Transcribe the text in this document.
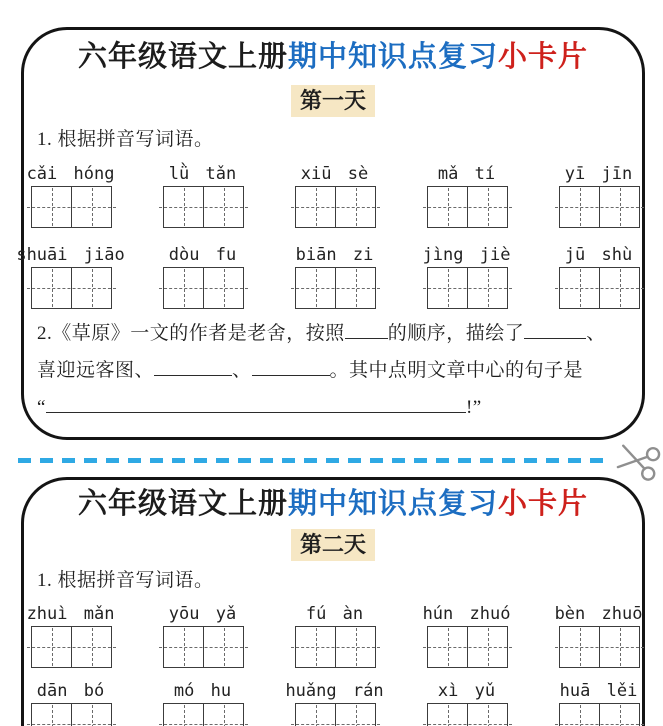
六年级语文上册期中知识点复习小卡片
第一天
1. 根据拼音写词语。
cǎi hóng	lǜ tǎn	xiū sè	mǎ tí	yī jīn
shuāi jiāo	dòu fu	biān zi	jìng jiè	jū shù

2.《草原》一文的作者是老舍，按照 的顺序，描绘了	、

喜迎远客图、	、	。其中点明文章中心的句子是

“	!”

六年级语文上册期中知识点复习小卡片
第二天
1. 根据拼音写词语。
zhuì mǎn	yōu yǎ	fú àn	hún zhuó	bèn zhuō
dān bó	mó hu	huǎng rán	xì yǔ	huā lěi
